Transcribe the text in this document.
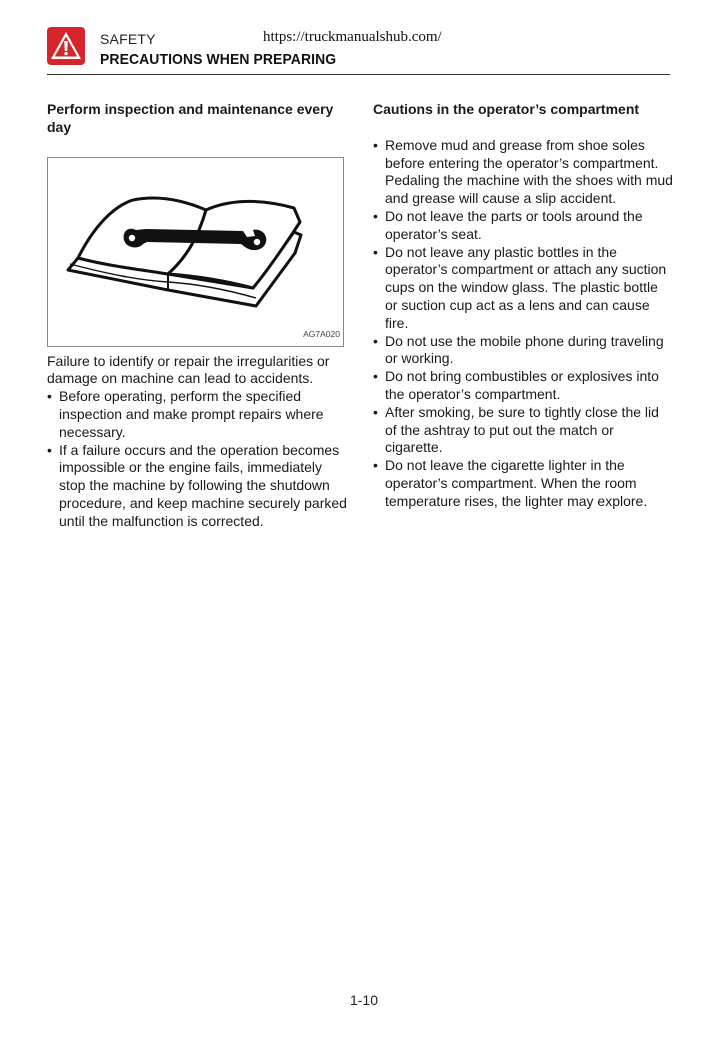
SAFETY	https://truckmanualshub.com/
PRECAUTIONS WHEN PREPARING

Perform inspection and maintenance every day

AG7A020

Failure to identify or repair the irregularities or damage on machine can lead to accidents.

• Before operating, perform the specified inspection and make prompt repairs where necessary.
• If a failure occurs and the operation becomes impossible or the engine fails, immediately stop the machine by following the shutdown procedure, and keep machine securely parked until the malfunction is corrected.

Cautions in the operator’s compartment

• Remove mud and grease from shoe soles before entering the operator’s compartment. Pedaling the machine with the shoes with mud and grease will cause a slip accident.
• Do not leave the parts or tools around the operator’s seat.
• Do not leave any plastic bottles in the operator’s compartment or attach any suction cups on the window glass. The plastic bottle or suction cup act as a lens and can cause fire.
• Do not use the mobile phone during traveling or working.
• Do not bring combustibles or explosives into the operator’s compartment.
• After smoking, be sure to tightly close the lid of the ashtray to put out the match or cigarette.
• Do not leave the cigarette lighter in the operator’s compartment. When the room temperature rises, the lighter may explore.
1-10
